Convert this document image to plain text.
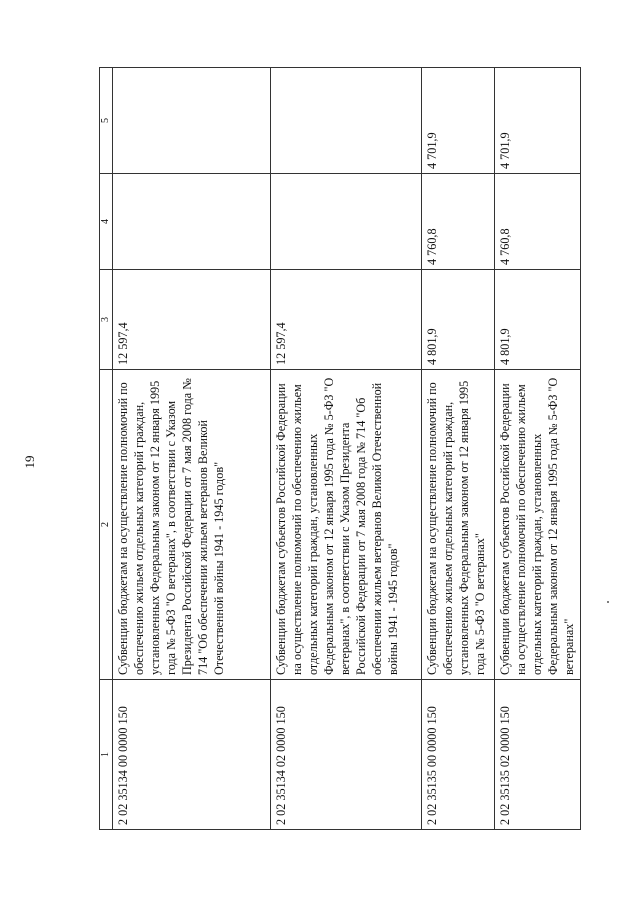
19
1	2	3	4	5
2 02 35134 00 0000 150	Субвенции бюджетам на осуществление полномочий по обеспечению жильем отдельных категорий граждан, установленных Федеральным законом от 12 января 1995 года № 5-ФЗ "О ветеранах", в соответствии с Указом Президента Российской Федерации от 7 мая 2008 года № 714 "Об обеспечении жильем ветеранов Великой Отечественной войны 1941 - 1945 годов"	12 597,4		
2 02 35134 02 0000 150	Субвенции бюджетам субъектов Российской Федерации на осуществление полномочий по обеспечению жильем отдельных категорий граждан, установленных Федеральным законом от 12 января 1995 года № 5-ФЗ "О ветеранах", в соответствии с Указом Президента Российской Федерации от 7 мая 2008 года № 714 "Об обеспечении жильем ветеранов Великой Отечественной войны 1941 - 1945 годов"	12 597,4		
2 02 35135 00 0000 150	Субвенции бюджетам на осуществление полномочий по обеспечению жильем отдельных категорий граждан, установленных Федеральным законом от 12 января 1995 года № 5-ФЗ "О ветеранах"	4 801,9	4 760,8	4 701,9
2 02 35135 02 0000 150	Субвенции бюджетам субъектов Российской Федерации на осуществление полномочий по обеспечению жильем отдельных категорий граждан, установленных Федеральным законом от 12 января 1995 года № 5-ФЗ "О ветеранах"	4 801,9	4 760,8	4 701,9
